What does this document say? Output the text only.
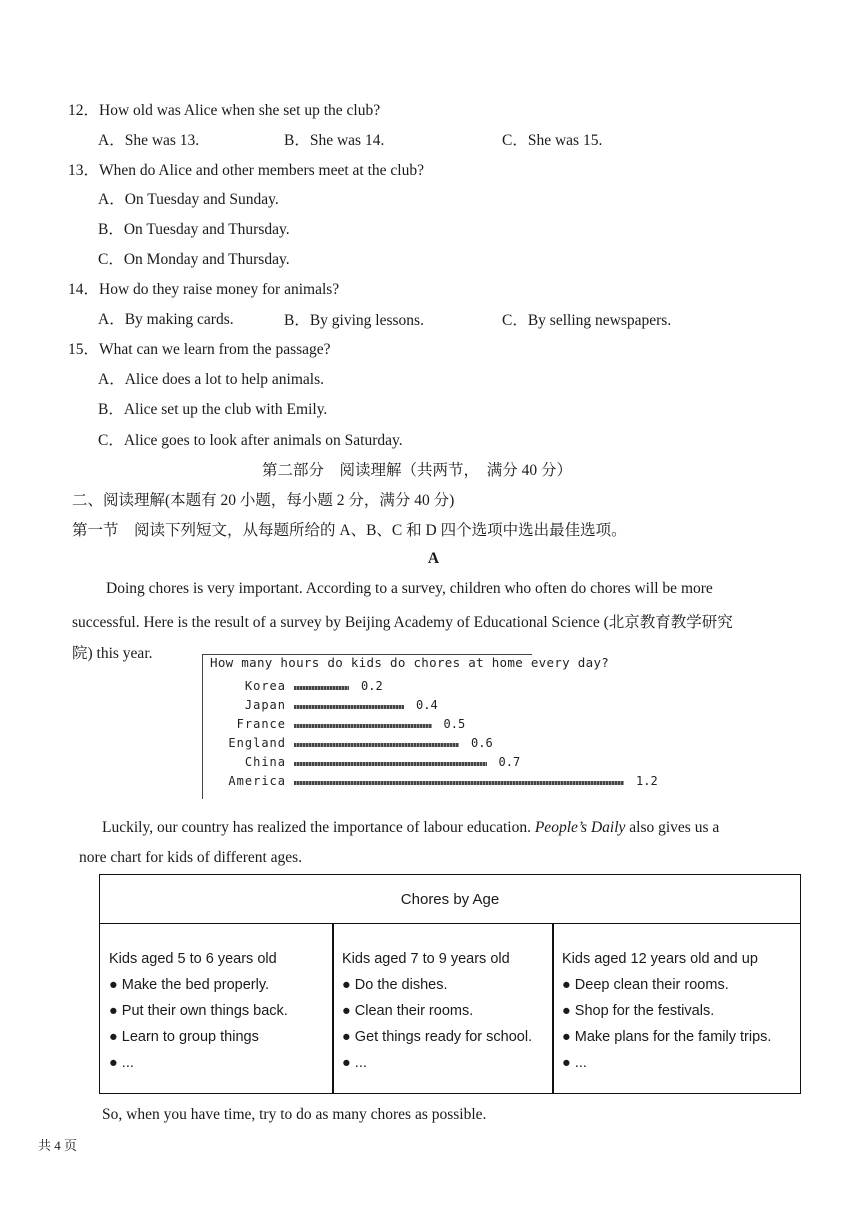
12．How old was Alice when she set up the club?
A．She was 13.	B．She was 14.	C．She was 15.
13．When do Alice and other members meet at the club?
A．On Tuesday and Sunday.
B．On Tuesday and Thursday.
C．On Monday and Thursday.
14．How do they raise money for animals?
A．By making cards.	B．By giving lessons.	C．By selling newspapers.
15．What can we learn from the passage?
A．Alice does a lot to help animals.
B．Alice set up the club with Emily.
C．Alice goes to look after animals on Saturday.
第二部分　阅读理解（共两节，　满分 40 分）
二、阅读理解(本题有 20 小题，每小题 2 分，满分 40 分)
第一节　阅读下列短文，从每题所给的 A、B、C 和 D 四个选项中选出最佳选项。
A
Doing chores is very important. According to a survey, children who often do chores will be more
successful. Here is the result of a survey by Beijing Academy of Educational Science (北京教育教学研究
院) this year.
How many hours do kids do chores at home every day?
Korea	0.2
Japan	0.4
France	0.5
England	0.6
China	0.7
America	1.2
Luckily, our country has realized the importance of labour education. People’s Daily also gives us a
nore chart for kids of different ages.
Chores by Age
Kids aged 5 to 6 years old
● Make the bed properly.
● Put their own things back.
● Learn to group things
● ...
Kids aged 7 to 9 years old
● Do the dishes.
● Clean their rooms.
● Get things ready for school.
● ...
Kids aged 12 years old and up
● Deep clean their rooms.
● Shop for the festivals.
● Make plans for the family trips.
● ...
So, when you have time, try to do as many chores as possible.
共 4 页
